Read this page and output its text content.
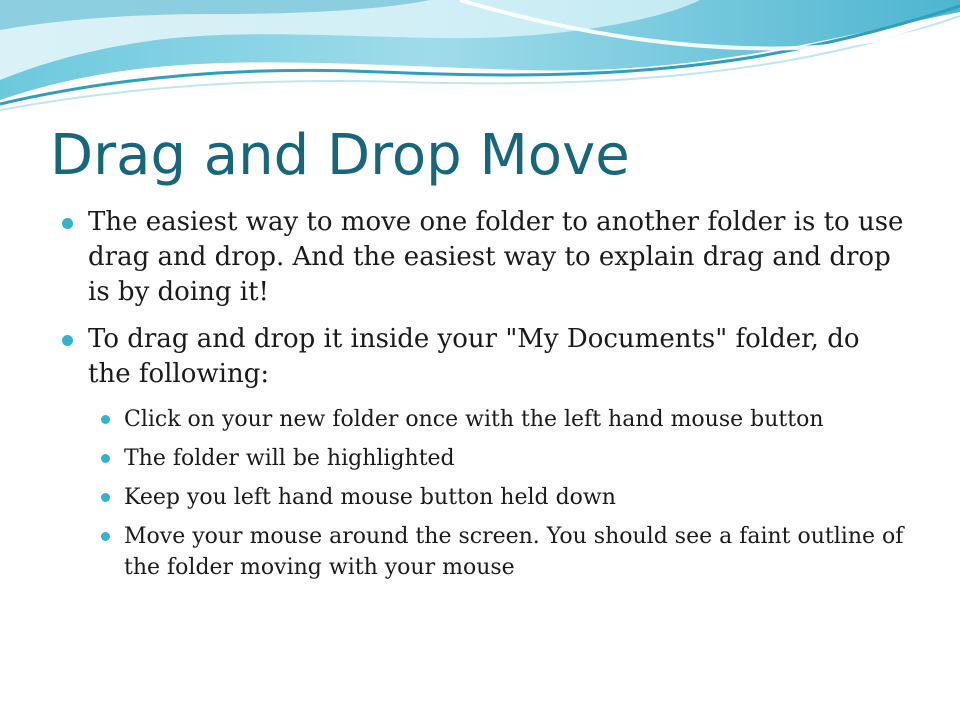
Drag and Drop Move
The easiest way to move one folder to another folder is to use drag and drop. And the easiest way to explain drag and drop is by doing it!
To drag and drop it inside your "My Documents" folder, do the following:
Click on your new folder once with the left hand mouse button
The folder will be highlighted
Keep you left hand mouse button held down
Move your mouse around the screen. You should see a faint outline of the folder moving with your mouse
